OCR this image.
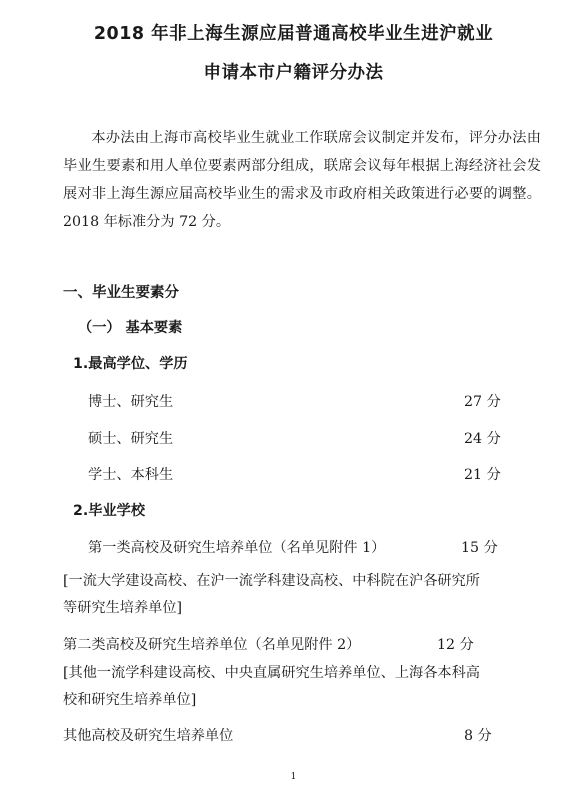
2018 年非上海生源应届普通高校毕业生进沪就业
申请本市户籍评分办法

本办法由上海市高校毕业生就业工作联席会议制定并发布，评分办法由毕业生要素和用人单位要素两部分组成，联席会议每年根据上海经济社会发展对非上海生源应届高校毕业生的需求及市政府相关政策进行必要的调整。2018 年标准分为 72 分。

一、毕业生要素分
（一） 基本要素
1.最高学位、学历
博士、研究生	27 分
硕士、研究生	24 分
学士、本科生	21 分
2.毕业学校
第一类高校及研究生培养单位（名单见附件 1）	15 分
[一流大学建设高校、在沪一流学科建设高校、中科院在沪各研究所
等研究生培养单位]
第二类高校及研究生培养单位（名单见附件 2）	12 分
[其他一流学科建设高校、中央直属研究生培养单位、上海各本科高
校和研究生培养单位]
其他高校及研究生培养单位	8 分
1
